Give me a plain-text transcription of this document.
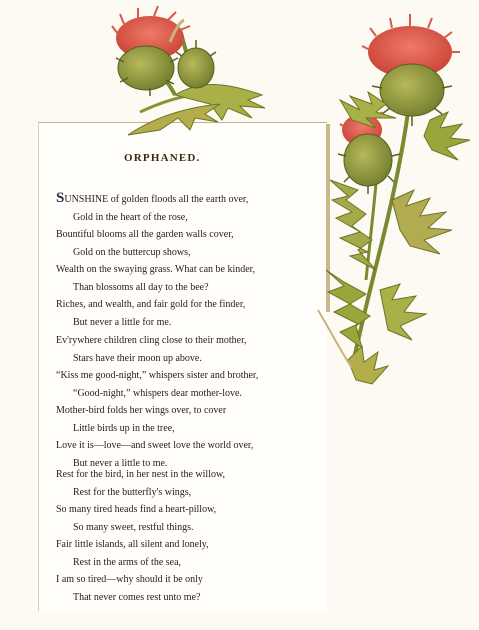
ORPHANED.
SUNSHINE of golden floods all the earth over,
Gold in the heart of the rose,
Bountiful blooms all the garden walls cover,
Gold on the buttercup shows,
Wealth on the swaying grass. What can be kinder,
Than blossoms all day to the bee?
Riches, and wealth, and fair gold for the finder,
But never a little for me.
Ev'rywhere children cling close to their mother,
Stars have their moon up above.
“Kiss me good-night,” whispers sister and brother,
“Good-night,” whispers dear mother-love.
Mother-bird folds her wings over, to cover
Little birds up in the tree,
Love it is—love—and sweet love the world over,
But never a little to me.
Rest for the bird, in her nest in the willow,
Rest for the butterfly's wings,
So many tired heads find a heart-pillow,
So many sweet, restful things.
Fair little islands, all silent and lonely,
Rest in the arms of the sea,
I am so tired—why should it be only
That never comes rest unto me?
